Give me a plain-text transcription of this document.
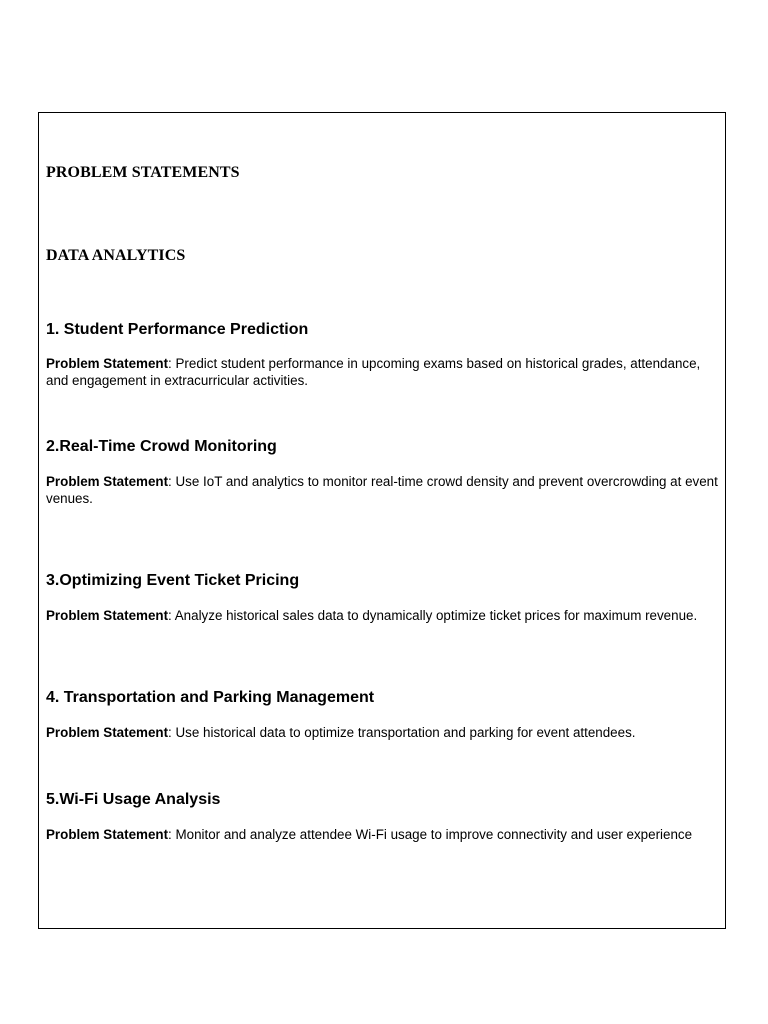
PROBLEM STATEMENTS
DATA ANALYTICS
1. Student Performance Prediction

Problem Statement: Predict student performance in upcoming exams based on historical grades, attendance, and engagement in extracurricular activities.

2.Real-Time Crowd Monitoring

Problem Statement: Use IoT and analytics to monitor real-time crowd density and prevent overcrowding at event venues.

3.Optimizing Event Ticket Pricing

Problem Statement: Analyze historical sales data to dynamically optimize ticket prices for maximum revenue.

4. Transportation and Parking Management

Problem Statement: Use historical data to optimize transportation and parking for event attendees.

5.Wi-Fi Usage Analysis

Problem Statement: Monitor and analyze attendee Wi-Fi usage to improve connectivity and user experience
